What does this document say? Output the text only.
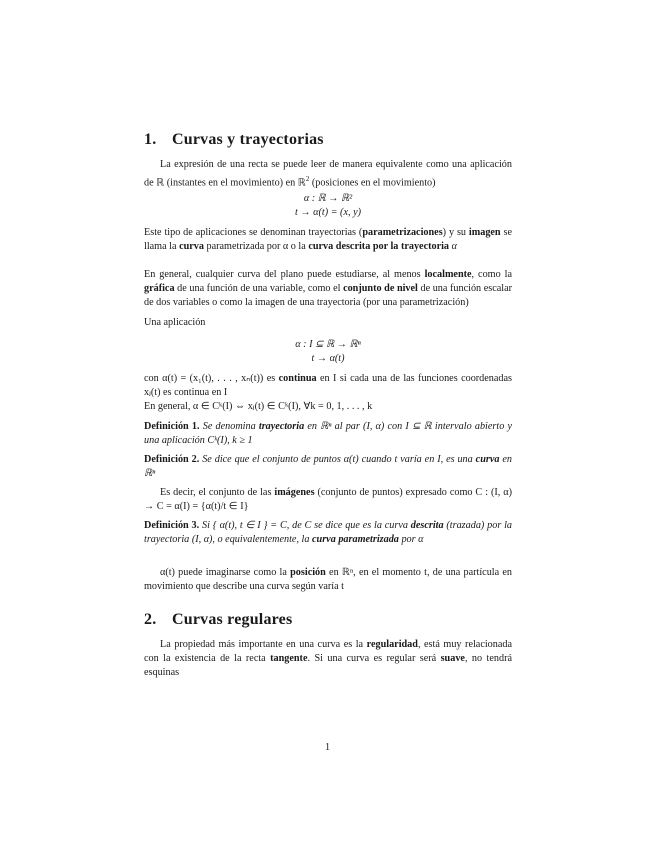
1. Curvas y trayectorias
La expresión de una recta se puede leer de manera equivalente como una aplicación de ℝ (instantes en el movimiento) en ℝ$^2$ (posiciones en el movimiento)
α : ℝ → ℝ²
t → α(t) = (x, y)
Este tipo de aplicaciones se denominan trayectorias (parametrizaciones) y su imagen se llama la curva parametrizada por α o la curva descrita por la trayectoria α
En general, cualquier curva del plano puede estudiarse, al menos localmente, como la gráfica de una función de una variable, como el conjunto de nivel de una función escalar de dos variables o como la imagen de una trayectoria (por una parametrización)
Una aplicación
α : I ⊆ ℝ → ℝⁿ
t → α(t)
con α(t) = (x₁(t), . . . , xₙ(t)) es continua en I si cada una de las funciones coordenadas xⱼ(t) es continua en I
En general, α ∈ Cᵏ(I) ⇔ xⱼ(t) ∈ Cᵏ(I), ∀k = 0, 1, . . . , k
Definición 1. Se denomina trayectoria en ℝⁿ al par (I, α) con I ⊆ ℝ intervalo abierto y una aplicación Cᵏ(I), k ≥ 1
Definición 2. Se dice que el conjunto de puntos α(t) cuando t varía en I, es una curva en ℝⁿ
Es decir, el conjunto de las imágenes (conjunto de puntos) expresado como C : (I, α) → C = α(I) = {α(t)/t ∈ I}
Definición 3. Si { α(t), t ∈ I } = C, de C se dice que es la curva descrita (trazada) por la trayectoria (I, α), o equivalentemente, la curva parametrizada por α
α(t) puede imaginarse como la posición en ℝⁿ, en el momento t, de una partícula en movimiento que describe una curva según varía t
2. Curvas regulares
La propiedad más importante en una curva es la regularidad, está muy relacionada con la existencia de la recta tangente. Si una curva es regular será suave, no tendrá esquinas
1
